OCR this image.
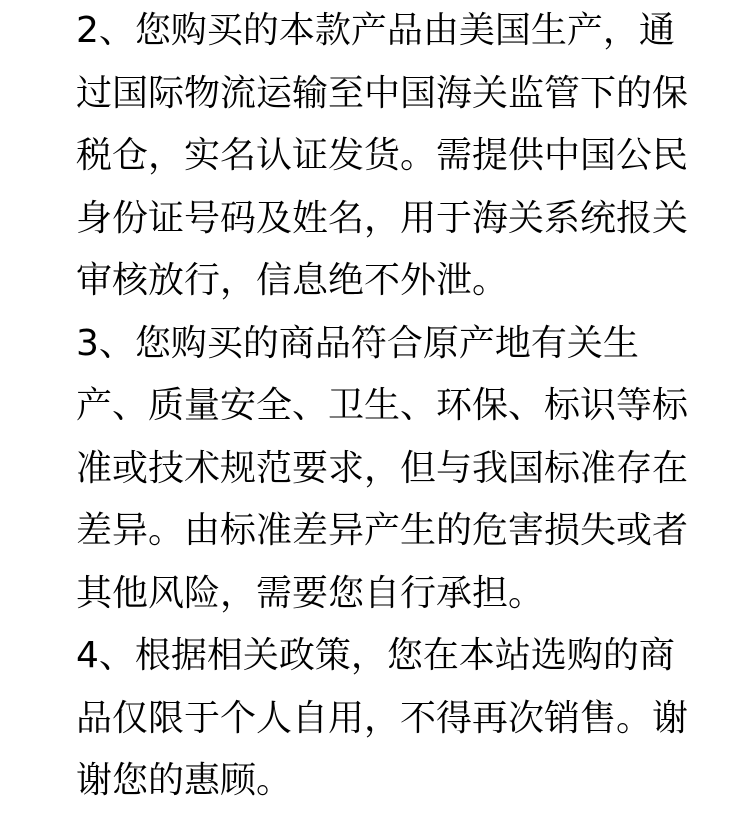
2、您购买的本款产品由美国生产，通
过国际物流运输至中国海关监管下的保
税仓，实名认证发货。需提供中国公民
身份证号码及姓名，用于海关系统报关
审核放行，信息绝不外泄。

3、您购买的商品符合原产地有关生
产、质量安全、卫生、环保、标识等标
准或技术规范要求，但与我国标准存在
差异。由标准差异产生的危害损失或者
其他风险，需要您自行承担。

4、根据相关政策，您在本站选购的商
品仅限于个人自用，不得再次销售。谢
谢您的惠顾。
